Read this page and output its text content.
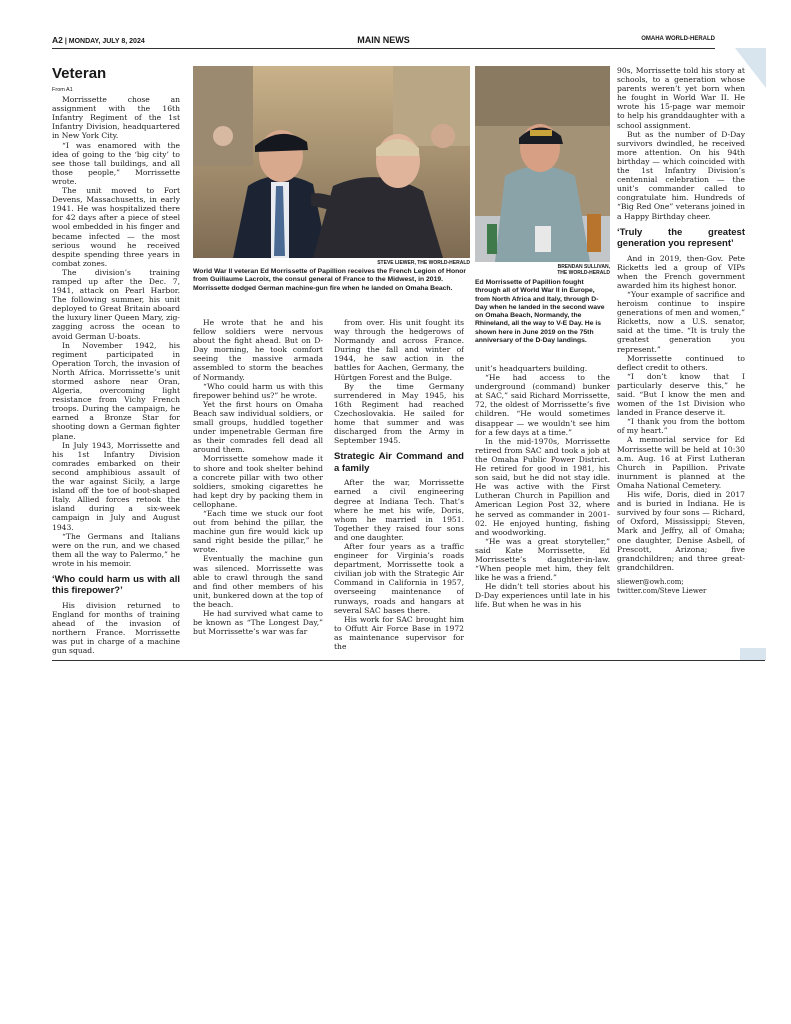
A2 | MONDAY, JULY 8, 2024	MAIN NEWS	OMAHA WORLD-HERALD
Veteran

From A1

Morrissette chose an assignment with the 16th Infantry Regiment of the 1st Infantry Division, headquartered in New York City.

“I was enamored with the idea of going to the ‘big city’ to see those tall buildings, and all those people,” Morrissette wrote.

The unit moved to Fort Devens, Massachusetts, in early 1941. He was hospitalized there for 42 days after a piece of steel wool embedded in his finger and became infected — the most serious wound he received despite spending three years in combat zones.

The division’s training ramped up after the Dec. 7, 1941, attack on Pearl Harbor. The following summer, his unit deployed to Great Britain aboard the luxury liner Queen Mary, zig-zagging across the ocean to avoid German U-boats.

In November 1942, his regiment participated in Operation Torch, the invasion of North Africa. Morrissette’s unit stormed ashore near Oran, Algeria, overcoming light resistance from Vichy French troops. During the campaign, he earned a Bronze Star for shooting down a German fighter plane.

In July 1943, Morrissette and his 1st Infantry Division comrades embarked on their second amphibious assault of the war against Sicily, a large island off the toe of boot-shaped Italy. Allied forces retook the island during a six-week campaign in July and August 1943.

“The Germans and Italians were on the run, and we chased them all the way to Palermo,” he wrote in his memoir.

‘Who could harm us with all this firepower?’

His division returned to England for months of training ahead of the invasion of northern France. Morrissette was put in charge of a machine gun squad.

STEVE LIEWER, THE WORLD-HERALD
World War II veteran Ed Morrissette of Papillion receives the French Legion of Honor from Guillaume Lacroix, the consul general of France to the Midwest, in 2019. Morrissette dodged German machine-gun fire when he landed on Omaha Beach.

He wrote that he and his fellow soldiers were nervous about the fight ahead. But on D-Day morning, he took comfort seeing the massive armada assembled to storm the beaches of Normandy.

“Who could harm us with this firepower behind us?” he wrote.

Yet the first hours on Omaha Beach saw individual soldiers, or small groups, huddled together under impenetrable German fire as their comrades fell dead all around them.

Morrissette somehow made it to shore and took shelter behind a concrete pillar with two other soldiers, smoking cigarettes he had kept dry by packing them in cellophane.

“Each time we stuck our foot out from behind the pillar, the machine gun fire would kick up sand right beside the pillar,” he wrote.

Eventually the machine gun was silenced. Morrissette was able to crawl through the sand and find other members of his unit, bunkered down at the top of the beach.

He had survived what came to be known as “The Longest Day,” but Morrissette’s war was far

from over. His unit fought its way through the hedgerows of Normandy and across France. During the fall and winter of 1944, he saw action in the battles for Aachen, Germany, the Hürtgen Forest and the Bulge.

By the time Germany surrendered in May 1945, his 16th Regiment had reached Czechoslovakia. He sailed for home that summer and was discharged from the Army in September 1945.

Strategic Air Command and a family

After the war, Morrissette earned a civil engineering degree at Indiana Tech. That’s where he met his wife, Doris, whom he married in 1951. Together they raised four sons and one daughter.

After four years as a traffic engineer for Virginia’s roads department, Morrissette took a civilian job with the Strategic Air Command in California in 1957, overseeing maintenance of runways, roads and hangars at several SAC bases there.

His work for SAC brought him to Offutt Air Force Base in 1972 as maintenance supervisor for the

BRENDAN SULLIVAN,
THE WORLD-HERALD
Ed Morrissette of Papillion fought through all of World War II in Europe, from North Africa and Italy, through D-Day when he landed in the second wave on Omaha Beach, Normandy, the Rhineland, all the way to V-E Day. He is shown here in June 2019 on the 75th anniversary of the D-Day landings.

unit’s headquarters building.

“He had access to the underground (command) bunker at SAC,” said Richard Morrissette, 72, the oldest of Morrissette’s five children. “He would sometimes disappear — we wouldn’t see him for a few days at a time.”

In the mid-1970s, Morrissette retired from SAC and took a job at the Omaha Public Power District. He retired for good in 1981, his son said, but he did not stay idle. He was active with the First Lutheran Church in Papillion and American Legion Post 32, where he served as commander in 2001-02. He enjoyed hunting, fishing and woodworking.

“He was a great storyteller,” said Kate Morrissette, Ed Morrissette’s daughter-in-law. “When people met him, they felt like he was a friend.”

He didn’t tell stories about his D-Day experiences until late in his life. But when he was in his

90s, Morrissette told his story at schools, to a generation whose parents weren’t yet born when he fought in World War II. He wrote his 15-page war memoir to help his granddaughter with a school assignment.

But as the number of D-Day survivors dwindled, he received more attention. On his 94th birthday — which coincided with the 1st Infantry Division’s centennial celebration — the unit’s commander called to congratulate him. Hundreds of “Big Red One” veterans joined in a Happy Birthday cheer.

‘Truly the greatest generation you represent’

And in 2019, then-Gov. Pete Ricketts led a group of VIPs when the French government awarded him its highest honor.

“Your example of sacrifice and heroism continue to inspire generations of men and women,” Ricketts, now a U.S. senator, said at the time. “It is truly the greatest generation you represent.”

Morrissette continued to deflect credit to others.

“I don’t know that I particularly deserve this,” he said. “But I know the men and women of the 1st Division who landed in France deserve it.

“I thank you from the bottom of my heart.”

A memorial service for Ed Morrissette will be held at 10:30 a.m. Aug. 16 at First Lutheran Church in Papillion. Private inurnment is planned at the Omaha National Cemetery.

His wife, Doris, died in 2017 and is buried in Indiana. He is survived by four sons — Richard, of Oxford, Mississippi; Steven, Mark and Jeffry, all of Omaha; one daughter, Denise Asbell, of Prescott, Arizona; five grandchildren; and three great-grandchildren.

sliewer@owh.com;
twitter.com/Steve Liewer
